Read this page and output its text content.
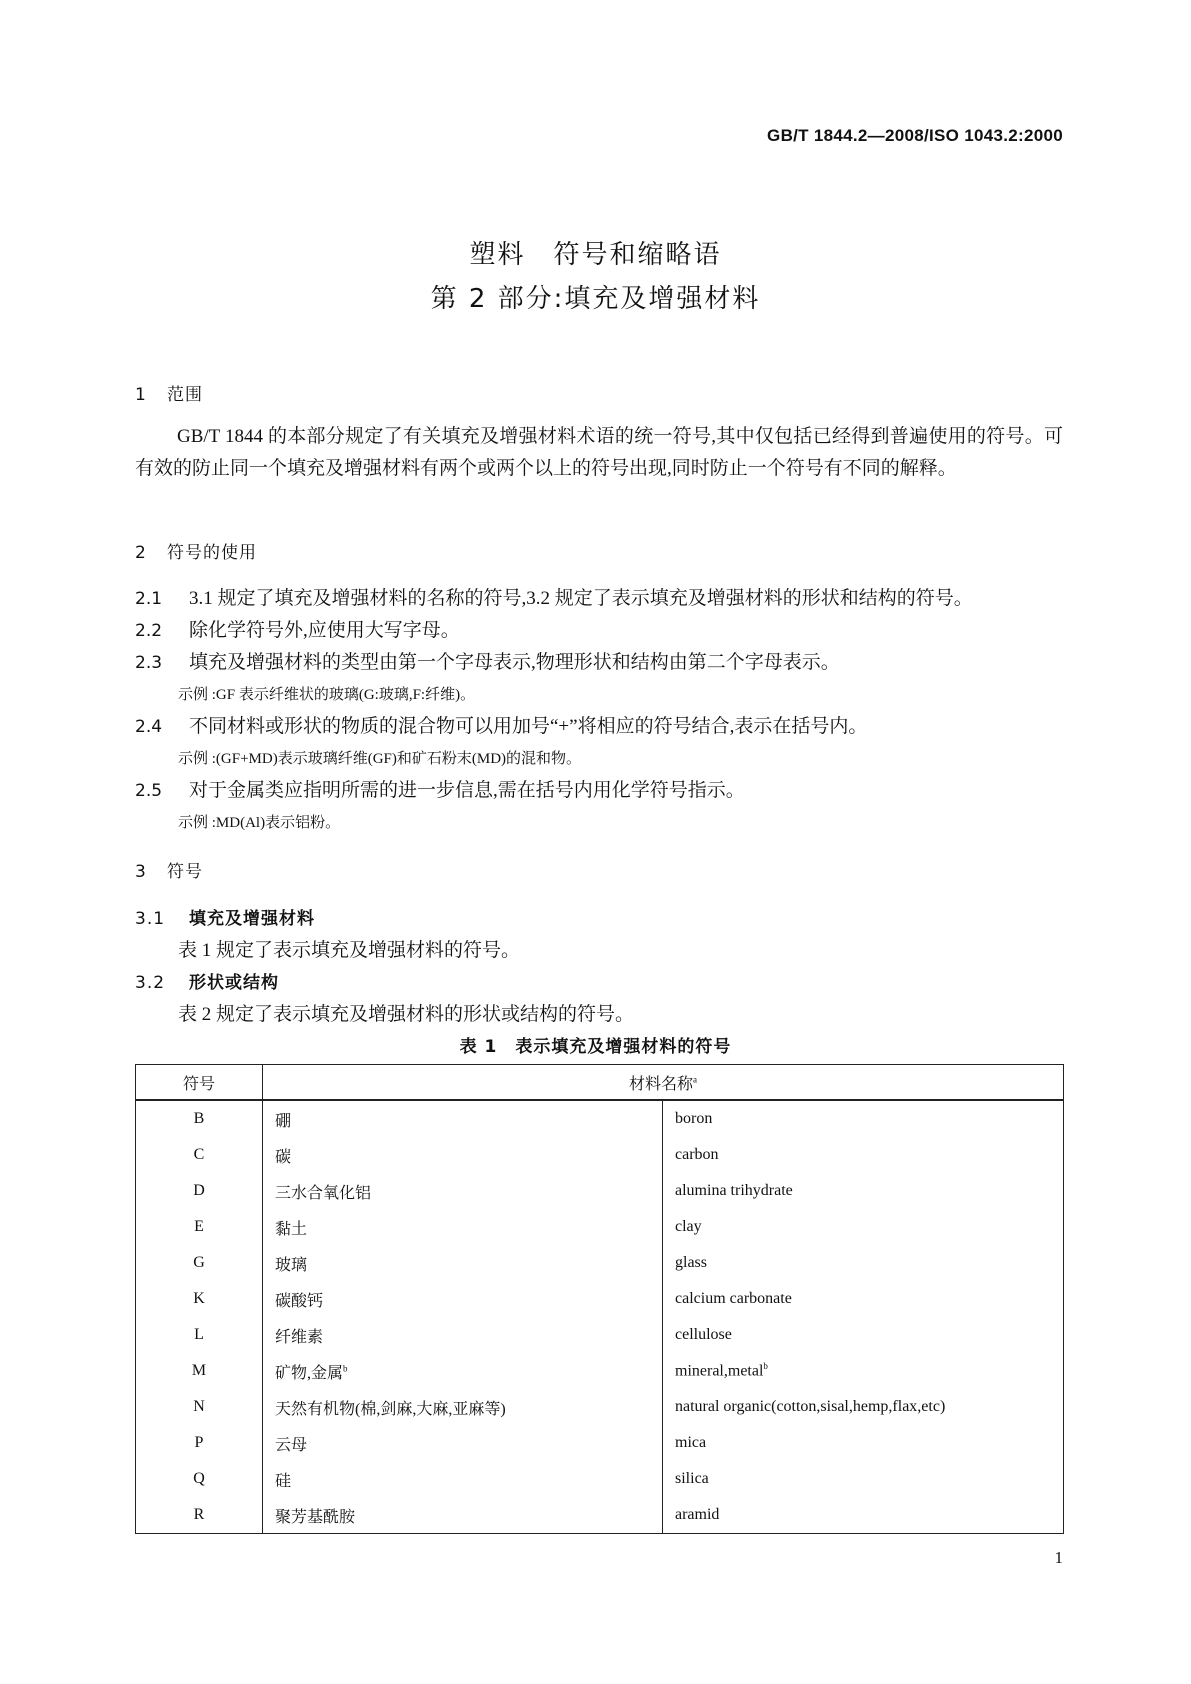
GB/T 1844.2—2008/ISO 1043.2:2000
塑料　符号和缩略语
第 2 部分:填充及增强材料
1 范围
GB/T 1844 的本部分规定了有关填充及增强材料术语的统一符号,其中仅包括已经得到普遍使用的符号。可有效的防止同一个填充及增强材料有两个或两个以上的符号出现,同时防止一个符号有不同的解释。
2 符号的使用
2.1 3.1 规定了填充及增强材料的名称的符号,3.2 规定了表示填充及增强材料的形状和结构的符号。
2.2 除化学符号外,应使用大写字母。
2.3 填充及增强材料的类型由第一个字母表示,物理形状和结构由第二个字母表示。
示例 :GF 表示纤维状的玻璃(G:玻璃,F:纤维)。
2.4 不同材料或形状的物质的混合物可以用加号“+”将相应的符号结合,表示在括号内。
示例 :(GF+MD)表示玻璃纤维(GF)和矿石粉末(MD)的混和物。
2.5 对于金属类应指明所需的进一步信息,需在括号内用化学符号指示。
示例 :MD(Al)表示铝粉。
3 符号
3.1 填充及增强材料
表 1 规定了表示填充及增强材料的符号。
3.2 形状或结构
表 2 规定了表示填充及增强材料的形状或结构的符号。
表 1　表示填充及增强材料的符号
符号	材料名称$^a$
B	硼	boron
C	碳	carbon
D	三水合氧化铝	alumina trihydrate
E	黏土	clay
G	玻璃	glass
K	碳酸钙	calcium carbonate
L	纤维素	cellulose
M	矿物,金属$^b$	mineral,metal$^b$
N	天然有机物(棉,剑麻,大麻,亚麻等)	natural organic(cotton,sisal,hemp,flax,etc)
P	云母	mica
Q	硅	silica
R	聚芳基酰胺	aramid
1
